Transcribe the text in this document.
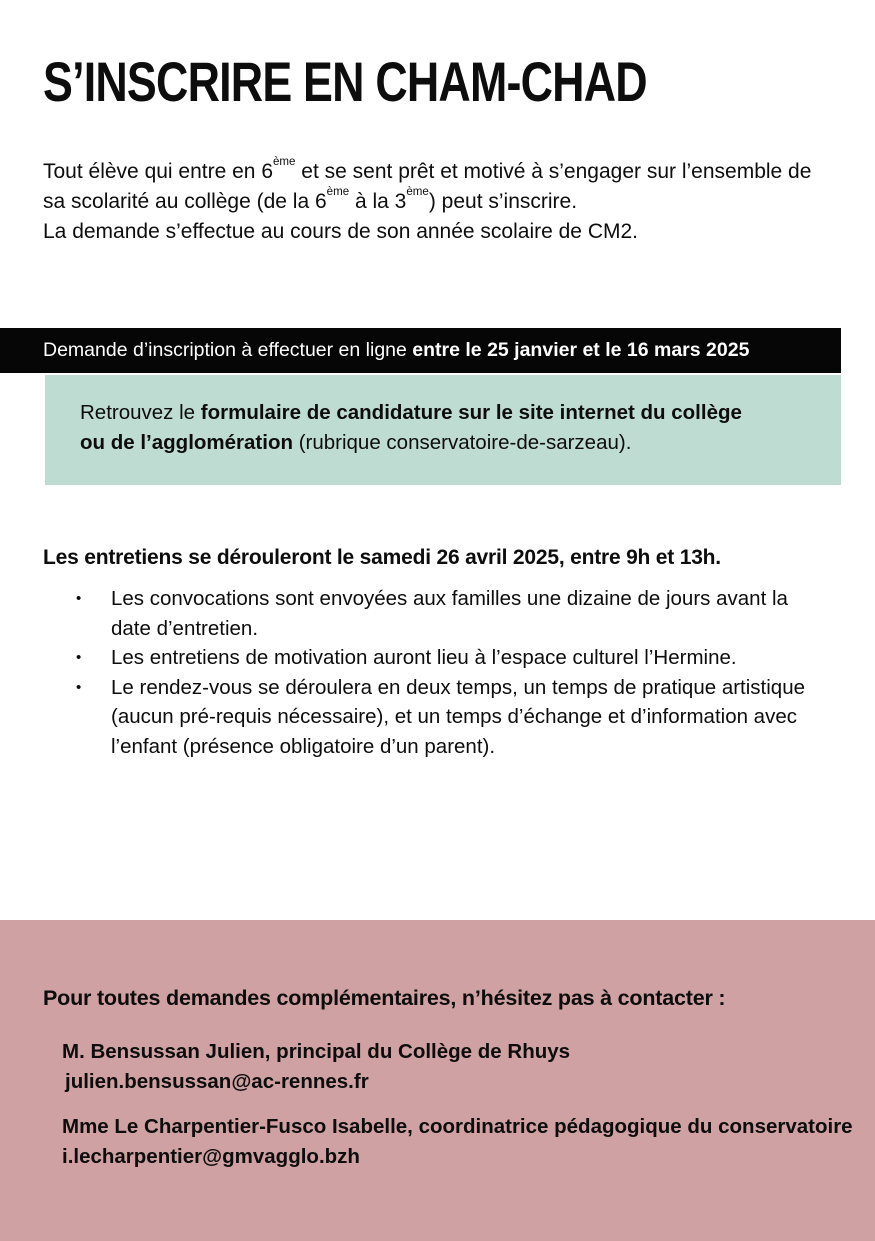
S’INSCRIRE EN CHAM-CHAD

Tout élève qui entre en 6ème et se sent prêt et motivé à s’engager sur l’ensemble de sa scolarité au collège (de la 6ème à la 3ème) peut s’inscrire.
La demande s’effectue au cours de son année scolaire de CM2.

Demande d’inscription à effectuer en ligne entre le 25 janvier et le 16 mars 2025

Retrouvez le formulaire de candidature sur le site internet du collège
ou de l’agglomération (rubrique conservatoire-de-sarzeau).

Les entretiens se dérouleront le samedi 26 avril 2025, entre 9h et 13h.

• Les convocations sont envoyées aux familles une dizaine de jours avant la date d’entretien.
• Les entretiens de motivation auront lieu à l’espace culturel l’Hermine.
• Le rendez-vous se déroulera en deux temps, un temps de pratique artistique (aucun pré-requis nécessaire), et un temps d’échange et d’information avec l’enfant (présence obligatoire d’un parent).

Pour toutes demandes complémentaires, n’hésitez pas à contacter :

M. Bensussan Julien, principal du Collège de Rhuys

julien.bensussan@ac-rennes.fr

Mme Le Charpentier-Fusco Isabelle, coordinatrice pédagogique du conservatoire

i.lecharpentier@gmvagglo.bzh
